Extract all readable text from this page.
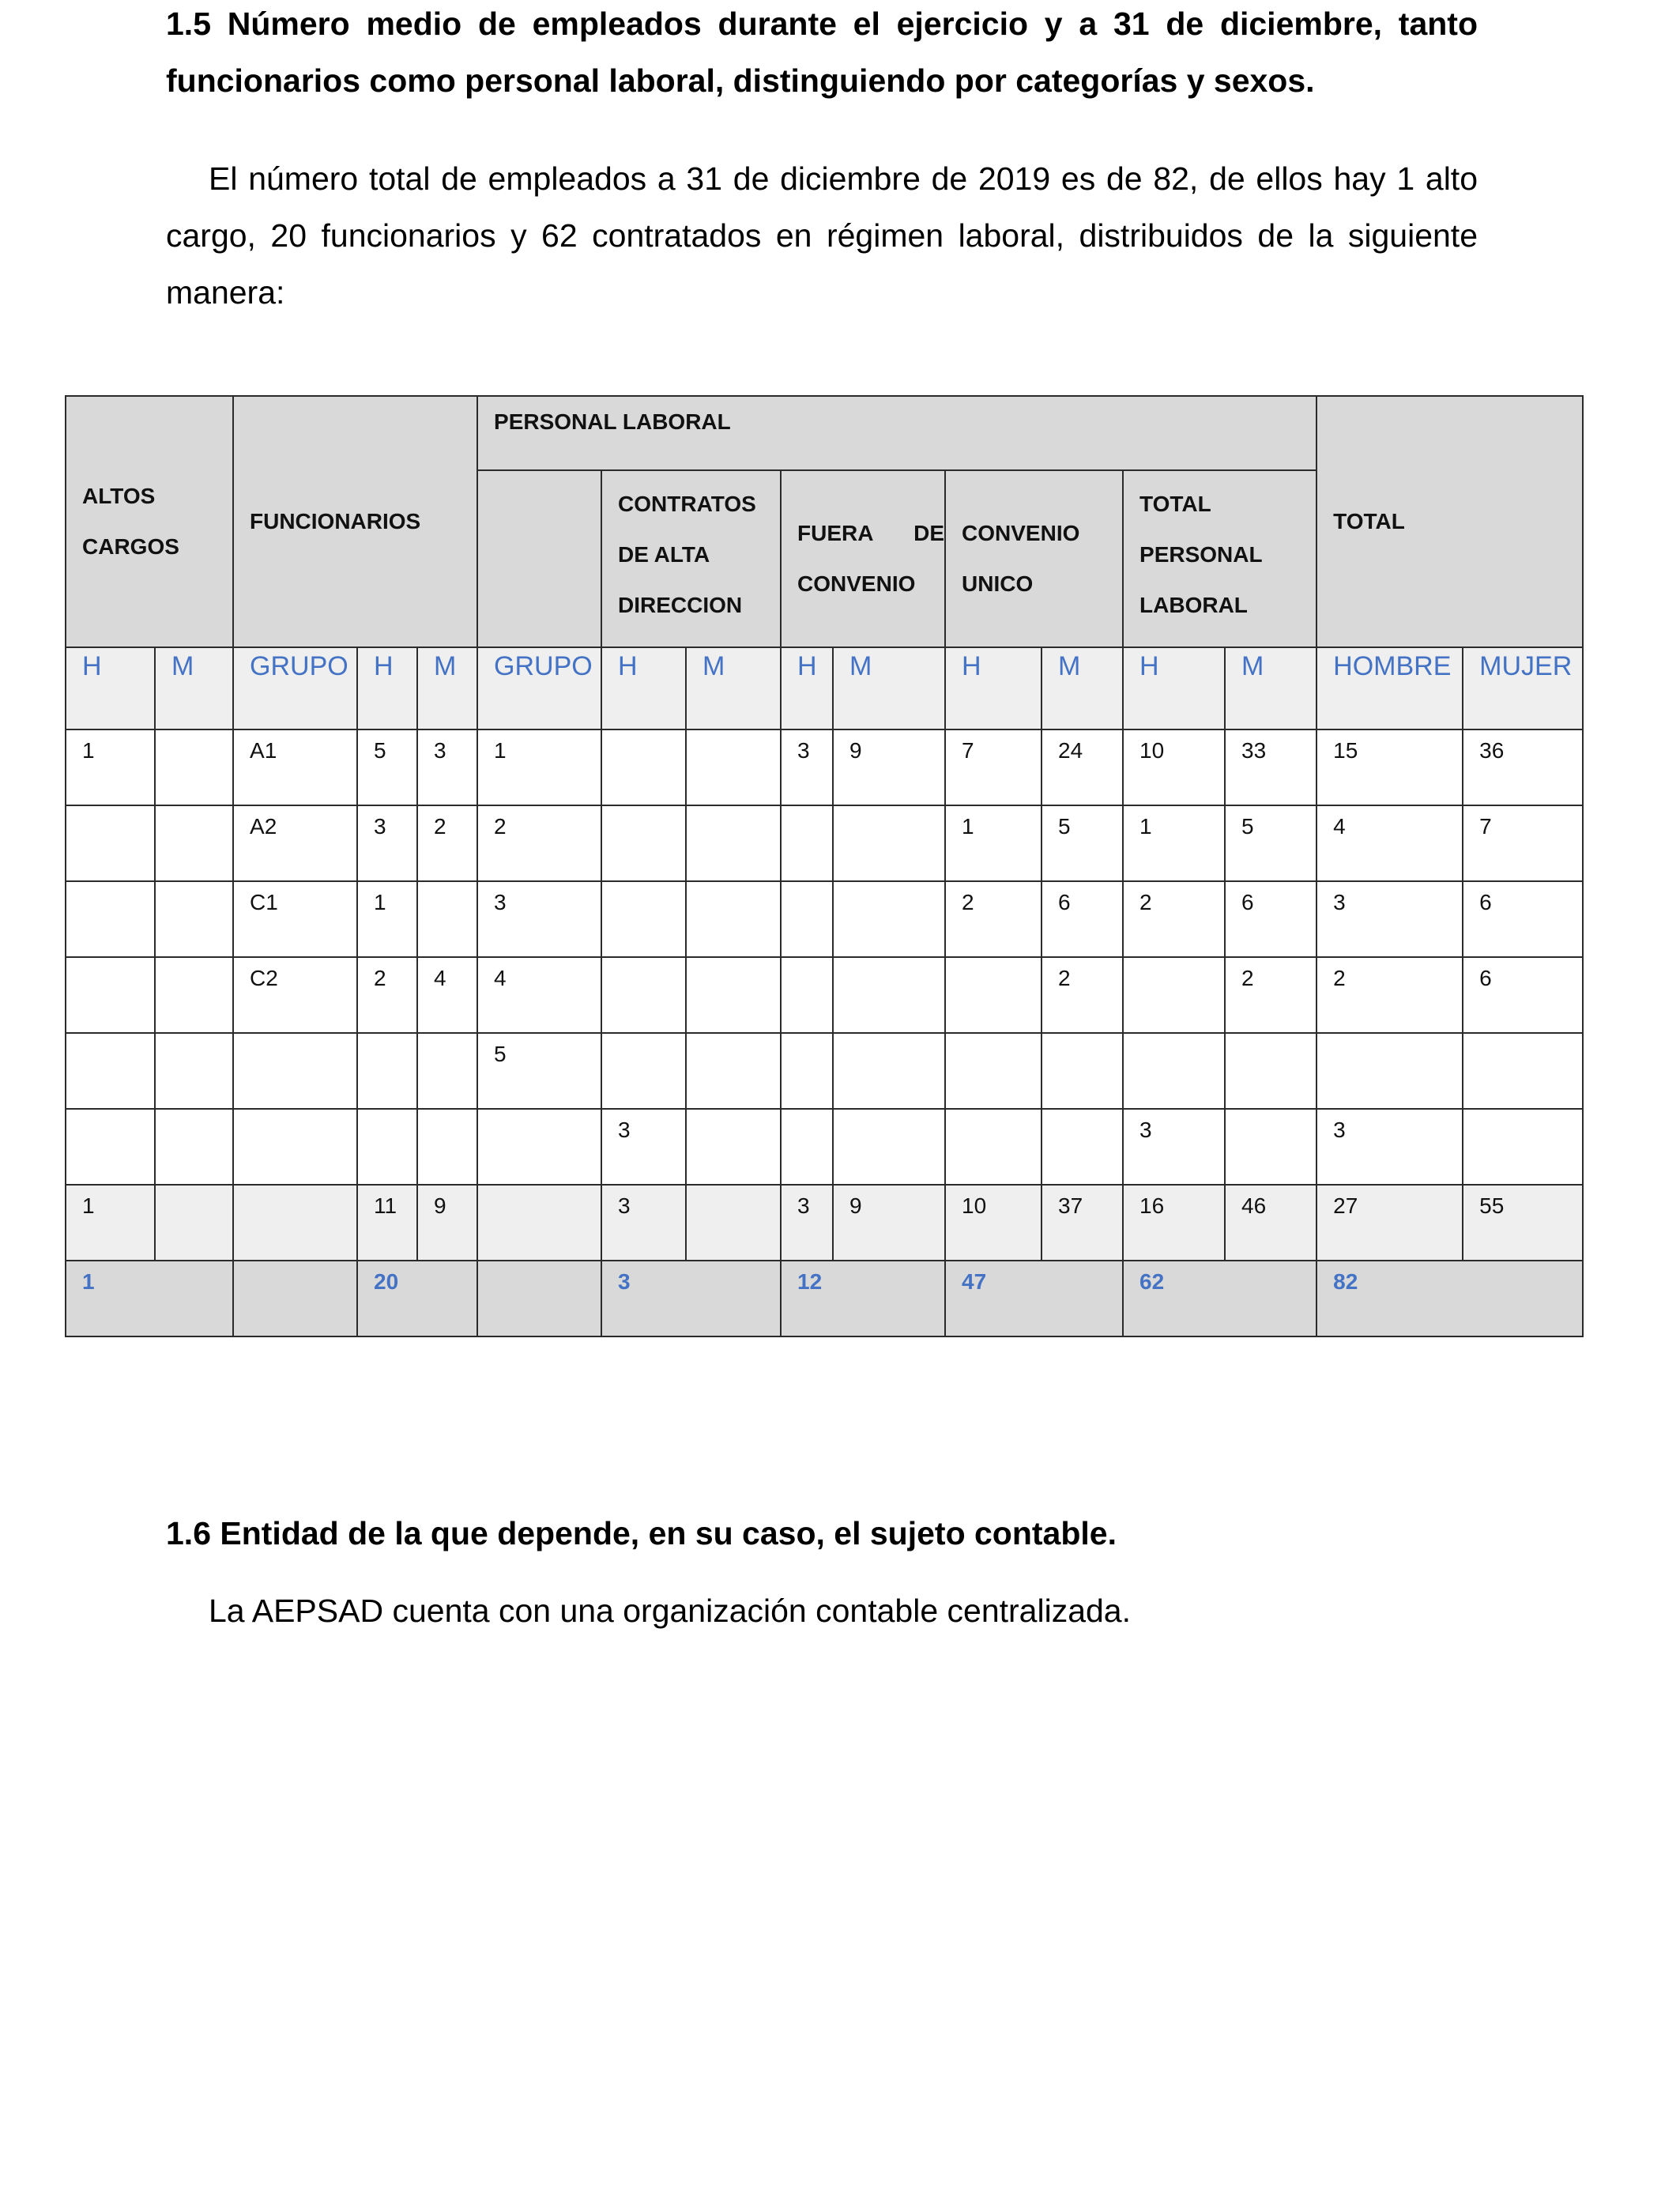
1.5 Número medio de empleados durante el ejercicio y a 31 de diciembre, tanto funcionarios como personal laboral, distinguiendo por categorías y sexos.

El número total de empleados a 31 de diciembre de 2019 es de 82, de ellos hay 1 alto cargo, 20 funcionarios y 62 contratados en régimen laboral, distribuidos de la siguiente manera:

ALTOS CARGOS		FUNCIONARIOS			PERSONAL LABORAL									TOTAL	
						CONTRATOS DE ALTA DIRECCION		FUERA DE CONVENIO		CONVENIO UNICO		TOTAL PERSONAL LABORAL			
H	M	GRUPO	H	M	GRUPO	H	M	H	M	H	M	H	M	HOMBRE	MUJER
1		A1	5	3	1			3	9	7	24	10	33	15	36
		A2	3	2	2					1	5	1	5	4	7
		C1	1		3					2	6	2	6	3	6
		C2	2	4	4						2		2	2	6
					5										
						3						3		3	
1			11	9		3		3	9	10	37	16	46	27	55
1			20			3		12		47		62		82	
1.6 Entidad de la que depende, en su caso, el sujeto contable.

La AEPSAD cuenta con una organización contable centralizada.
